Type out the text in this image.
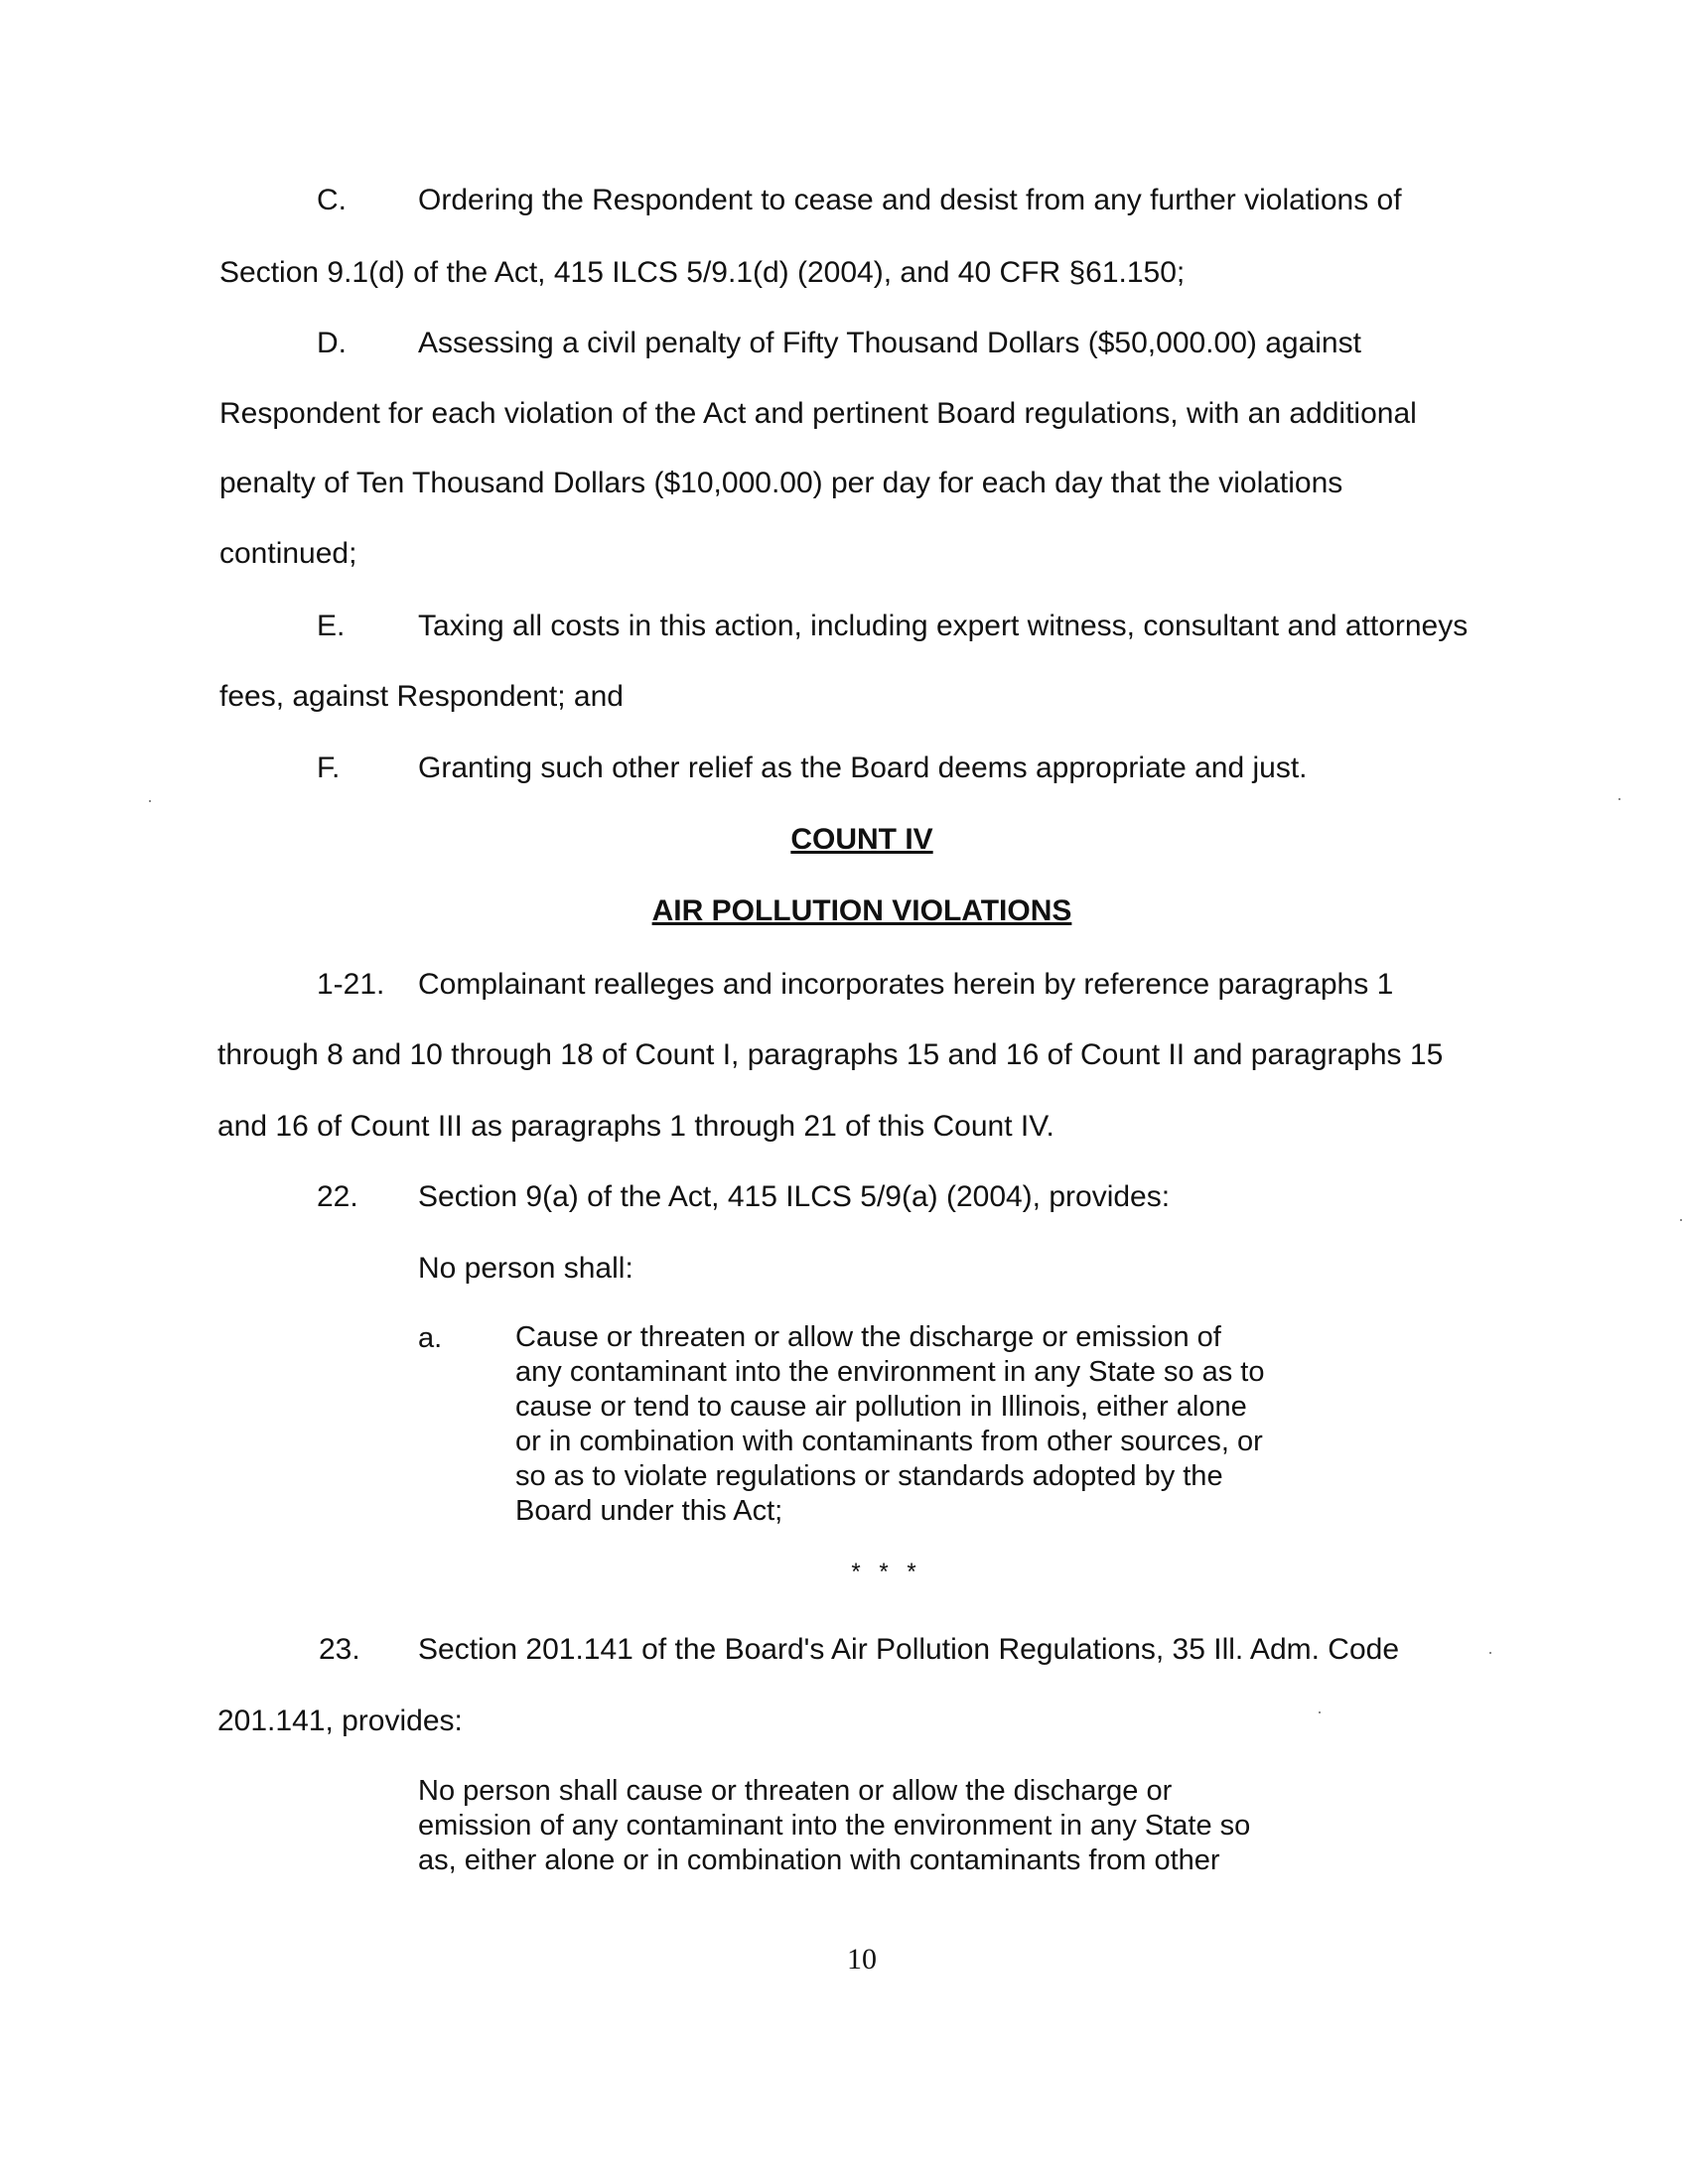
C. Ordering the Respondent to cease and desist from any further violations of
Section 9.1(d) of the Act, 415 ILCS 5/9.1(d) (2004), and 40 CFR §61.150;
D. Assessing a civil penalty of Fifty Thousand Dollars ($50,000.00) against
Respondent for each violation of the Act and pertinent Board regulations, with an additional
penalty of Ten Thousand Dollars ($10,000.00) per day for each day that the violations
continued;
E. Taxing all costs in this action, including expert witness, consultant and attorneys
fees, against Respondent; and
F.	Granting such other relief as the Board deems appropriate and just.
COUNT IV
AIR POLLUTION VIOLATIONS
1-21. Complainant realleges and incorporates herein by reference paragraphs 1
through 8 and 10 through 18 of Count I, paragraphs 15 and 16 of Count II and paragraphs 15
and 16 of Count III as paragraphs 1 through 21 of this Count IV.
22. Section 9(a) of the Act, 415 ILCS 5/9(a) (2004), provides:
No person shall:
a.	Cause or threaten or allow the discharge or emission of
any contaminant into the environment in any State so as to
cause or tend to cause air pollution in Illinois, either alone
or in combination with contaminants from other sources, or
so as to violate regulations or standards adopted by the
Board under this Act;
* * *
23. Section 201.141 of the Board's Air Pollution Regulations, 35 Ill. Adm. Code
201.141, provides:
No person shall cause or threaten or allow the discharge or
emission of any contaminant into the environment in any State so
as, either alone or in combination with contaminants from other
10
